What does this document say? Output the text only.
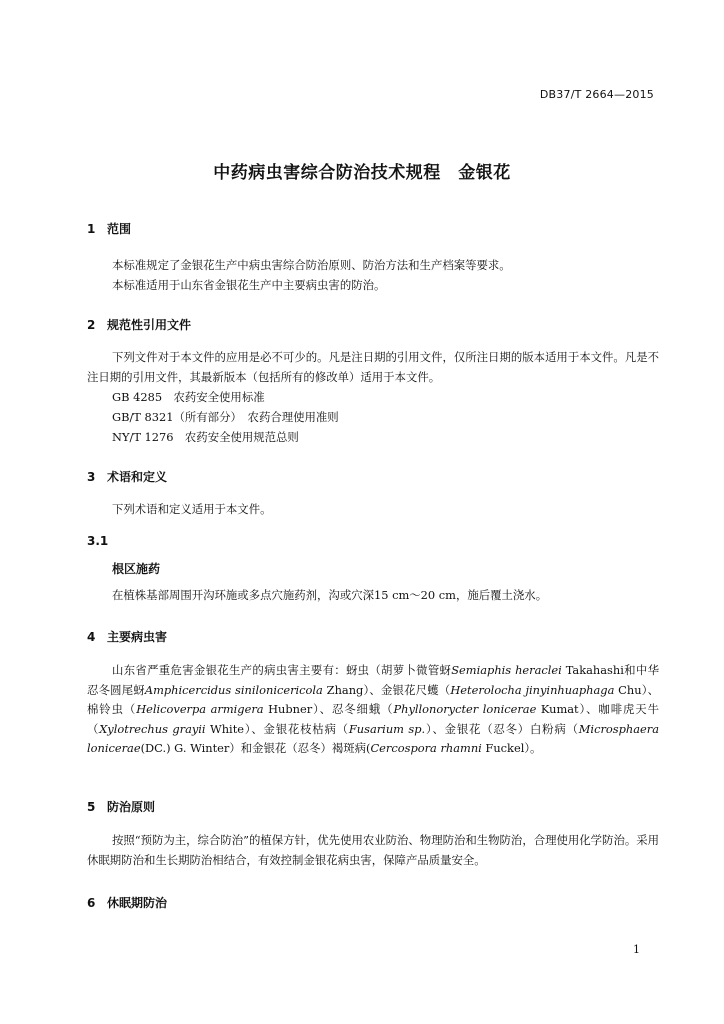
DB37/T 2664—2015
中药病虫害综合防治技术规程　金银花
1 范围
本标准规定了金银花生产中病虫害综合防治原则、防治方法和生产档案等要求。
本标准适用于山东省金银花生产中主要病虫害的防治。
2 规范性引用文件
下列文件对于本文件的应用是必不可少的。凡是注日期的引用文件，仅所注日期的版本适用于本文件。凡是不注日期的引用文件，其最新版本（包括所有的修改单）适用于本文件。
GB 4285　农药安全使用标准
GB/T 8321（所有部分）　农药合理使用准则
NY/T 1276　农药安全使用规范总则
3 术语和定义
下列术语和定义适用于本文件。
3.1
根区施药
在植株基部周围开沟环施或多点穴施药剂，沟或穴深15 cm～20 cm，施后覆土浇水。
4 主要病虫害
山东省严重危害金银花生产的病虫害主要有：蚜虫（胡萝卜微管蚜Semiaphis heraclei Takahashi和中华忍冬圆尾蚜Amphicercidus sinilonicericola Zhang）、金银花尺蠖（Heterolocha jinyinhuaphaga Chu）、棉铃虫（Helicoverpa armigera Hubner）、忍冬细蛾（Phyllonorycter lonicerae Kumat）、咖啡虎天牛（Xylotrechus grayii White）、金银花枝枯病（Fusarium sp.）、金银花（忍冬）白粉病（Microsphaera lonicerae(DC.) G. Winter）和金银花（忍冬）褐斑病(Cercospora rhamni Fuckel）。
5 防治原则
按照“预防为主，综合防治”的植保方针，优先使用农业防治、物理防治和生物防治，合理使用化学防治。采用休眠期防治和生长期防治相结合，有效控制金银花病虫害，保障产品质量安全。
6 休眠期防治
1
